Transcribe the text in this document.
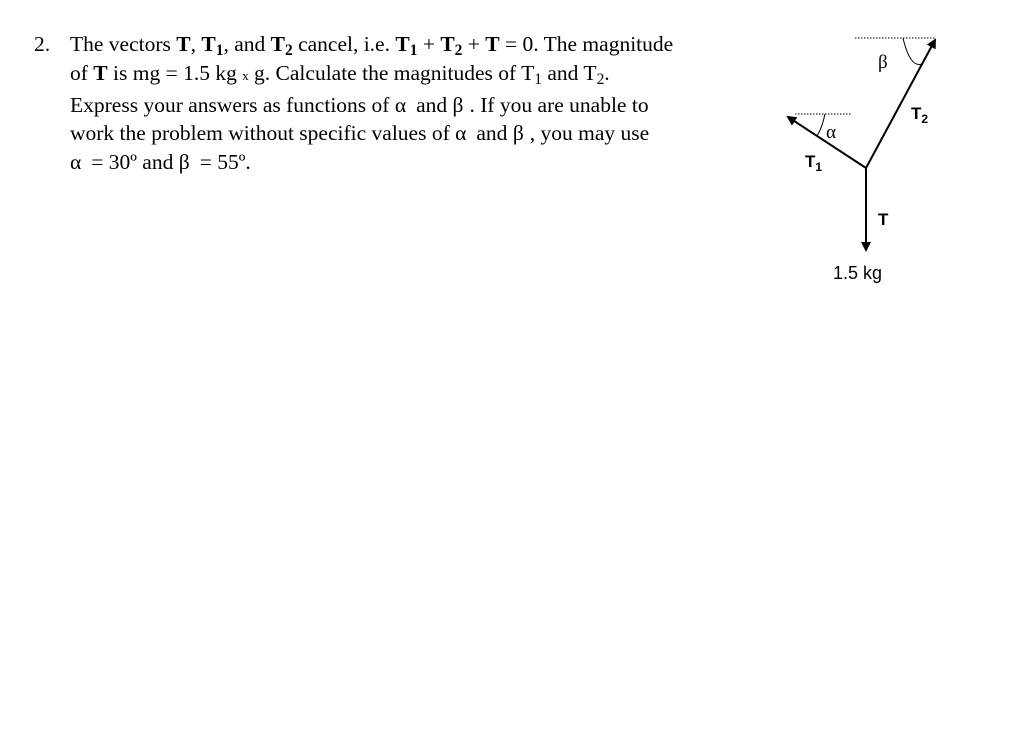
2. The vectors T, $T_1$, and $T_2$ cancel, i.e. $T_1 + T_2 + T = 0$. The magnitude
of T is mg = 1.5 kg x g. Calculate the magnitudes of $T_1$ and $T_2$.
Express your answers as functions of α and β . If you are unable to
work the problem without specific values of α and β , you may use
α = 30º and β = 55º.
β
α
$T_2$
$T_1$
T
1.5 kg
